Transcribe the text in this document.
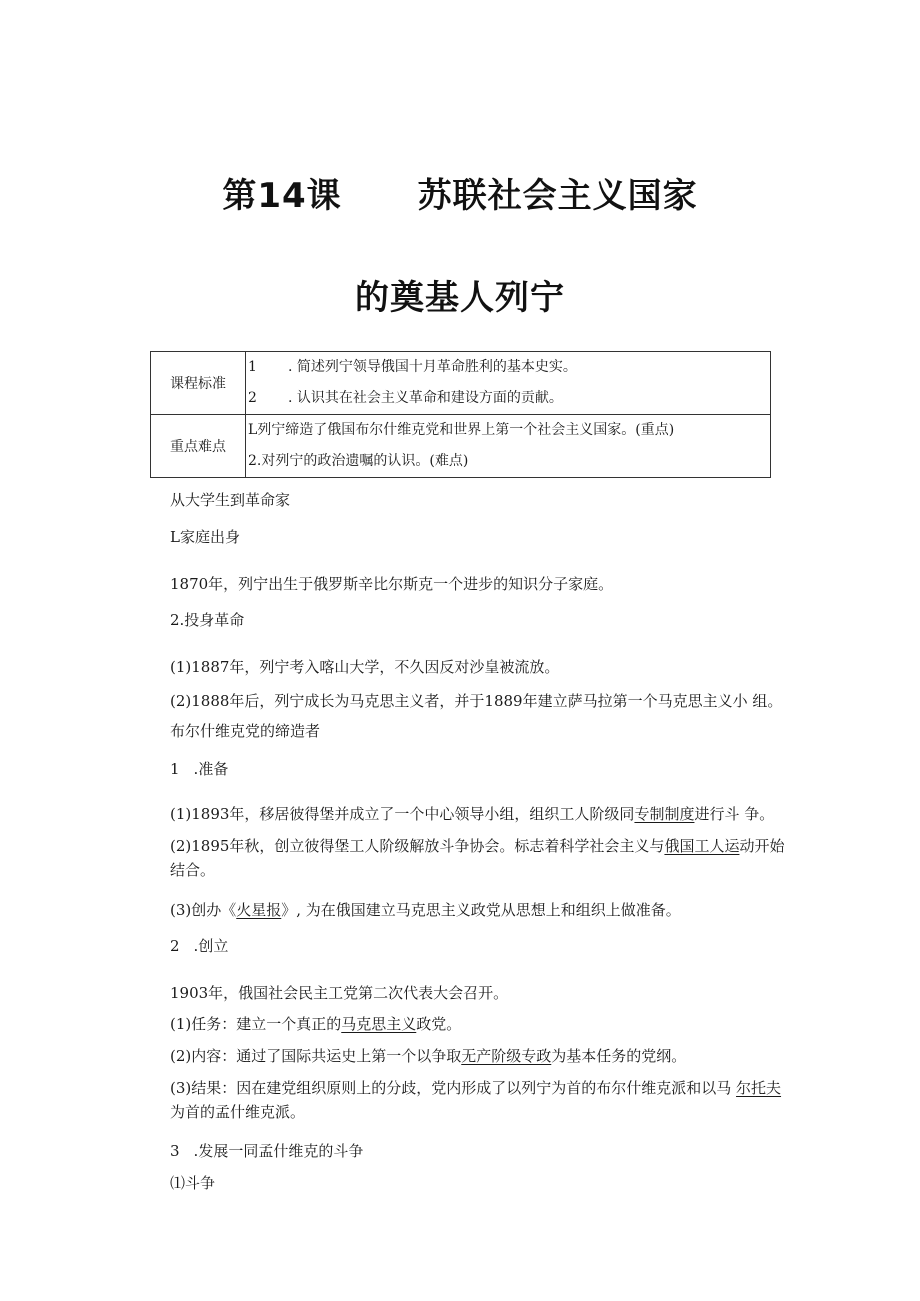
第14课 苏联社会主义国家
的奠基人列宁
课程标准	1 . 简述列宁领导俄国十月革命胜利的基本史实。
2 . 认识其在社会主义革命和建设方面的贡献。

重点难点	L列宁缔造了俄国布尔什维克党和世界上第一个社会主义国家。(重点)
2.对列宁的政治遗嘱的认识。(难点)
从大学生到革命家
L家庭出身
1870年，列宁出生于俄罗斯辛比尔斯克一个进步的知识分子家庭。
2.投身革命
(1)1887年，列宁考入喀山大学，不久因反对沙皇被流放。
(2)1888年后，列宁成长为马克思主义者，并于1889年建立萨马拉第一个马克思主义小 组。
布尔什维克党的缔造者
1 .准备
(1)1893年，移居彼得堡并成立了一个中心领导小组，组织工人阶级同专制制度进行斗 争。
(2)1895年秋，创立彼得堡工人阶级解放斗争协会。标志着科学社会主义与俄国工人运动开始结合。
(3)创办《火星报》, 为在俄国建立马克思主义政党从思想上和组织上做准备。
2 .创立
1903年，俄国社会民主工党第二次代表大会召开。
(1)任务：建立一个真正的马克思主义政党。
(2)内容：通过了国际共运史上第一个以争取无产阶级专政为基本任务的党纲。
(3)结果：因在建党组织原则上的分歧，党内形成了以列宁为首的布尔什维克派和以马 尔托夫为首的孟什维克派。
3 .发展一同孟什维克的斗争
⑴斗争
